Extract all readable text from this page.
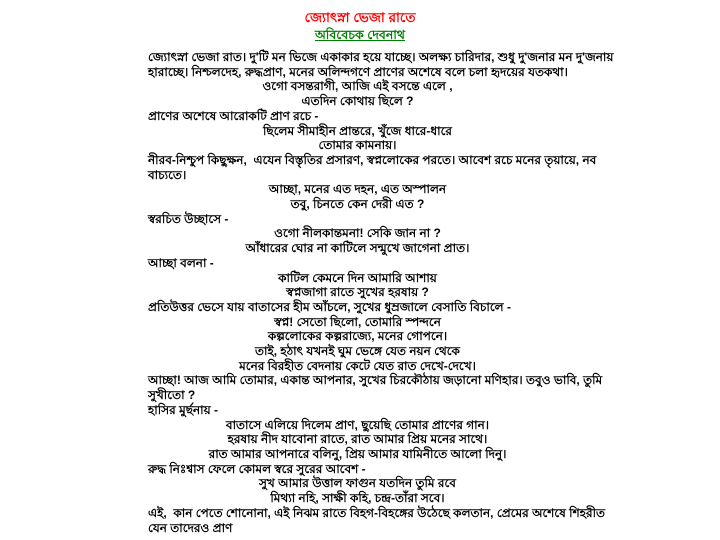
জ্যোৎস্না ভেজা রাতে
অবিবেচক দেবনাথ
জ্যোৎস্না ভেজা রাত। দু'টি মন ভিজে একাকার হয়ে যাচ্ছে। অলক্ষ্য চারিদার, শুধু দু'জনার মন দু'জনায়
হারাচ্ছে। নিশ্চলদেহ, রুদ্ধপ্রাণ, মনের অলিন্দগণে প্রাণের অশেষে বলে চলা হৃদয়ের যতকথা।
ওগো বসন্তরাগী, আজি এই বসন্তে এলে ,
এতদিন কোথায় ছিলে ?
প্রাণের অশেষে আরোকটি প্রাণ রচে -
ছিলেম সীমাহীন প্রান্তরে, খুঁজে ধারে-ধারে
তোমার কামনায়।
নীরব-নিশ্চুপ কিছুক্ষন,  এযেন বিস্তৃতির প্রসারণ, স্বপ্নলোকের পরতে। আবেশ রচে মনের তৃয়ায়ে, নব
বাচ্যতে।
আচ্ছা, মনের এত দহন, এত অস্পালন
তবু, চিনতে কেন দেরী এত ?
স্বরচিত উচ্ছাসে -
ওগো নীলকান্তমনা! সেকি জান না ?
আঁধারের ঘোর না কাটিলে সন্মুখে জাগেনা প্রাত।
আচ্ছা বলনা -
কাটিল কেমনে দিন আমারি আশায়
স্বপ্নজাগা রাতে সুখের হরষায় ?
প্রতিউত্তর ভেসে যায় বাতাসের হীম আঁচলে, সুখের ধুম্রজালে বেসাতি বিচালে -
স্বপ্ন! সেতো ছিলো, তোমারি স্পন্দনে
কল্পলোকের কল্পরাজ্যে, মনের গোপনে।
তাই, হঠাৎ যখনই ঘুম ভেঙ্গে যেত নয়ন থেকে
মনের বিরহীত বেদনায় কেটে যেত রাত দেখে-দেখে।
আচ্ছা! আজ আমি তোমার, একান্ত আপনার, সুখের চিরকৌঠায় জড়ানো মণিহার। তবুও ভাবি, তুমি
সুখীতো ?
হাসির মুর্ছনায় -
বাতাসে এলিয়ে দিলেম প্রাণ, ছুয়েছি তোমার প্রাণের গান।
হরষায় নীদ যাবোনা রাতে, রাত আমার প্রিয় মনের সাথে।
রাত আমার আপনারে বলিনু, প্রিয় আমার যামিনীতে আলো দিনু।
রুদ্ধ নিঃশ্বাস ফেলে কোমল স্বরে সুরের আবেশ -
সুখ আমার উত্তাল ফাগুন যতদিন তুমি রবে
মিথ্যা নহি, সাক্ষী কহি, চন্দ্র-তাঁরা সবে।
এই,  কান পেতে শোনোনা, এই নিঝম রাতে বিহগ-বিহঙ্গের উঠেছে কলতান, প্রেমের অশেষে শিহরীত
যেন তাদেরও প্রাণ
